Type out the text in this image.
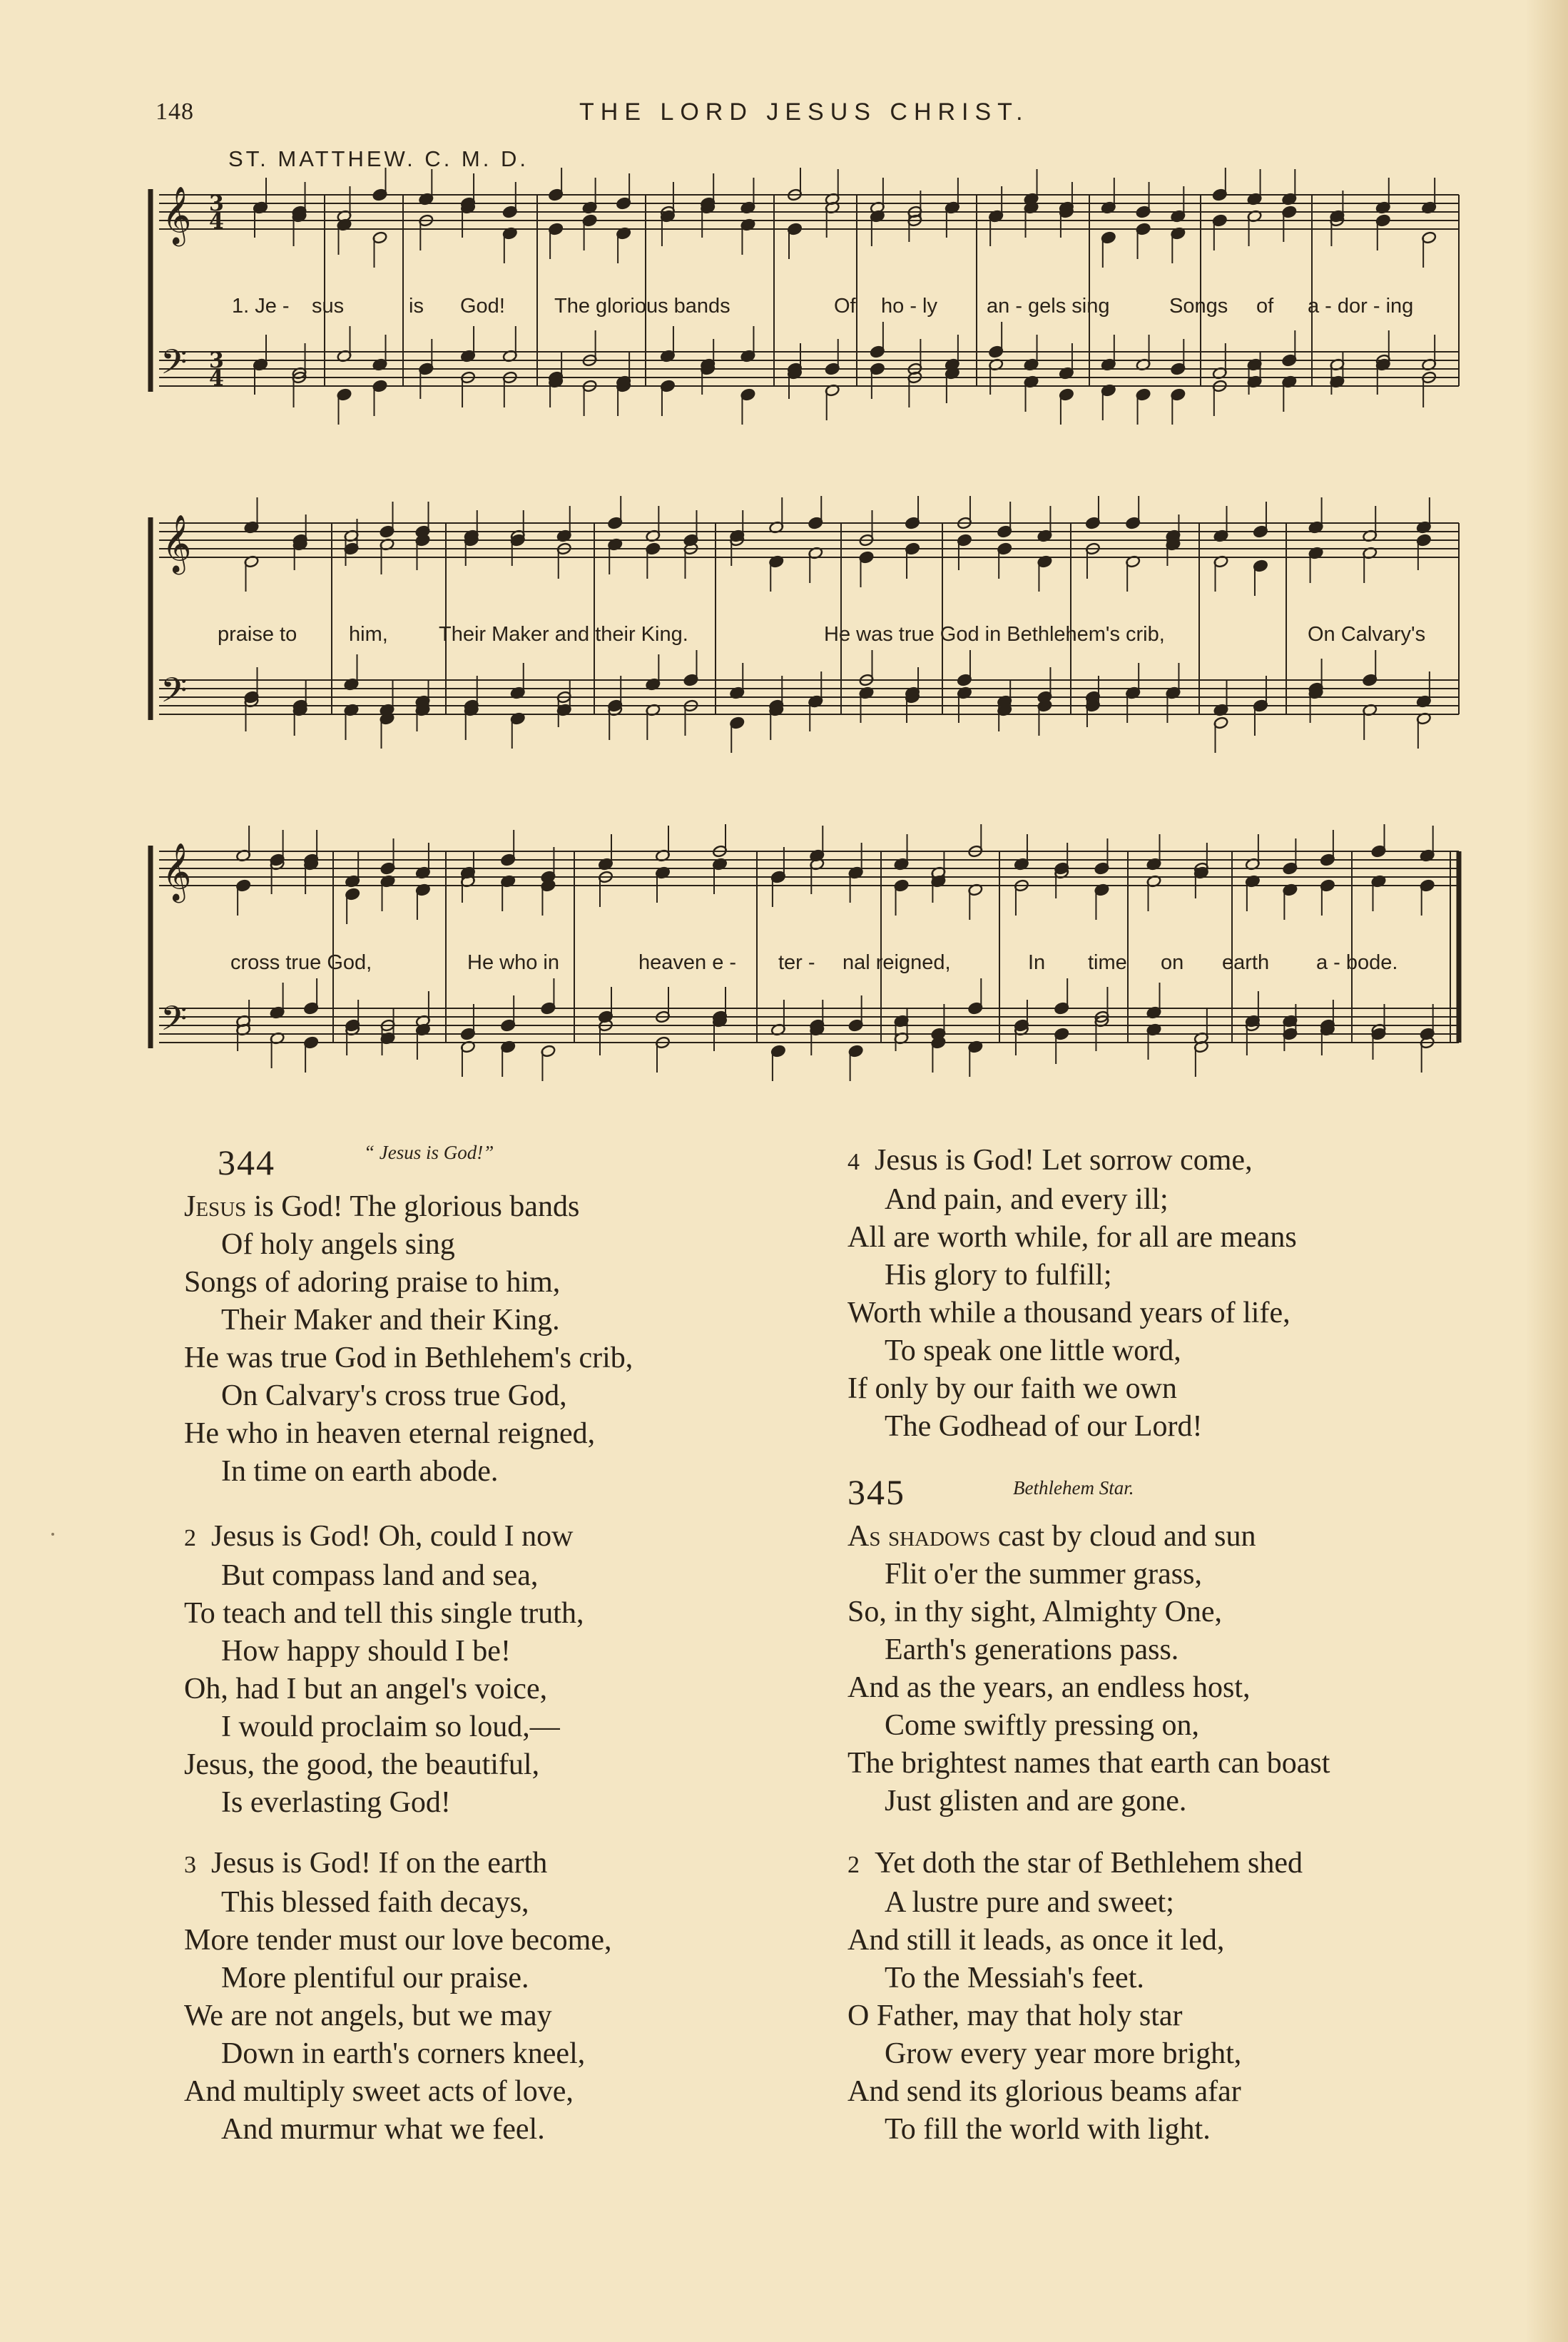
148	THE LORD JESUS CHRIST.
ST. MATTHEW. C. M. D.
𝄞
𝄢
3
4
3
4
1. Je - sus	is God! The glorious bands	Of ho - ly an - gels sing	Songs of a - dor - ing
𝄞
𝄢
praise to	him, Their Maker and their King.	He was true God in Bethlehem's crib,	On Calvary's
𝄞
𝄢
cross true God,	He who in	heaven e - ter - nal reigned,	In time on earth a - bode.
344	“ Jesus is God!”
Jesus is God! The glorious bands
Of holy angels sing
Songs of adoring praise to him,
Their Maker and their King.
He was true God in Bethlehem's crib,
On Calvary's cross true God,
He who in heaven eternal reigned,
In time on earth abode.
2 Jesus is God! Oh, could I now
But compass land and sea,
To teach and tell this single truth,
How happy should I be!
Oh, had I but an angel's voice,
I would proclaim so loud,—
Jesus, the good, the beautiful,
Is everlasting God!
3 Jesus is God! If on the earth
This blessed faith decays,
More tender must our love become,
More plentiful our praise.
We are not angels, but we may
Down in earth's corners kneel,
And multiply sweet acts of love,
And murmur what we feel.
4 Jesus is God! Let sorrow come,
And pain, and every ill;
All are worth while, for all are means
His glory to fulfill;
Worth while a thousand years of life,
To speak one little word,
If only by our faith we own
The Godhead of our Lord!
345	Bethlehem Star.
As shadows cast by cloud and sun
Flit o'er the summer grass,
So, in thy sight, Almighty One,
Earth's generations pass.
And as the years, an endless host,
Come swiftly pressing on,
The brightest names that earth can boast
Just glisten and are gone.
2 Yet doth the star of Bethlehem shed
A lustre pure and sweet;
And still it leads, as once it led,
To the Messiah's feet.
O Father, may that holy star
Grow every year more bright,
And send its glorious beams afar
To fill the world with light.
